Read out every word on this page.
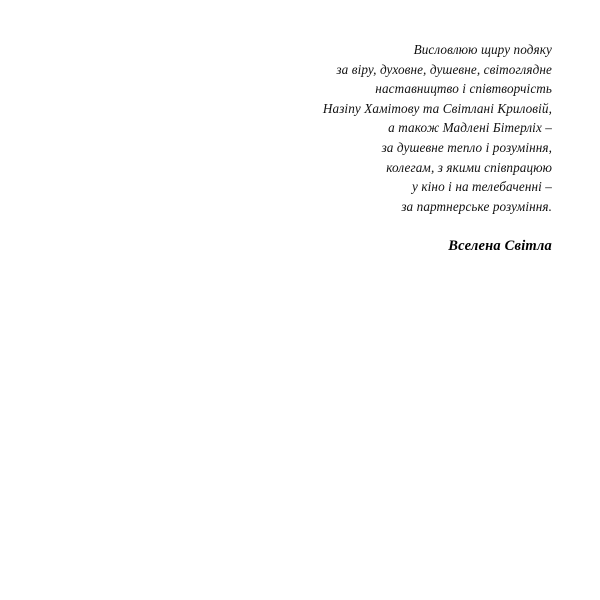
Висловлюю щиру подяку
за віру, духовне, душевне, світоглядне
наставництво і співтворчість
Назіпу Хамітову та Світлані Криловій,
а також Мадлені Бітерліх –
за душевне тепло і розуміння,
колегам, з якими співпрацюю
у кіно і на телебаченні –
за партнерське розуміння.
Вселена Світла
